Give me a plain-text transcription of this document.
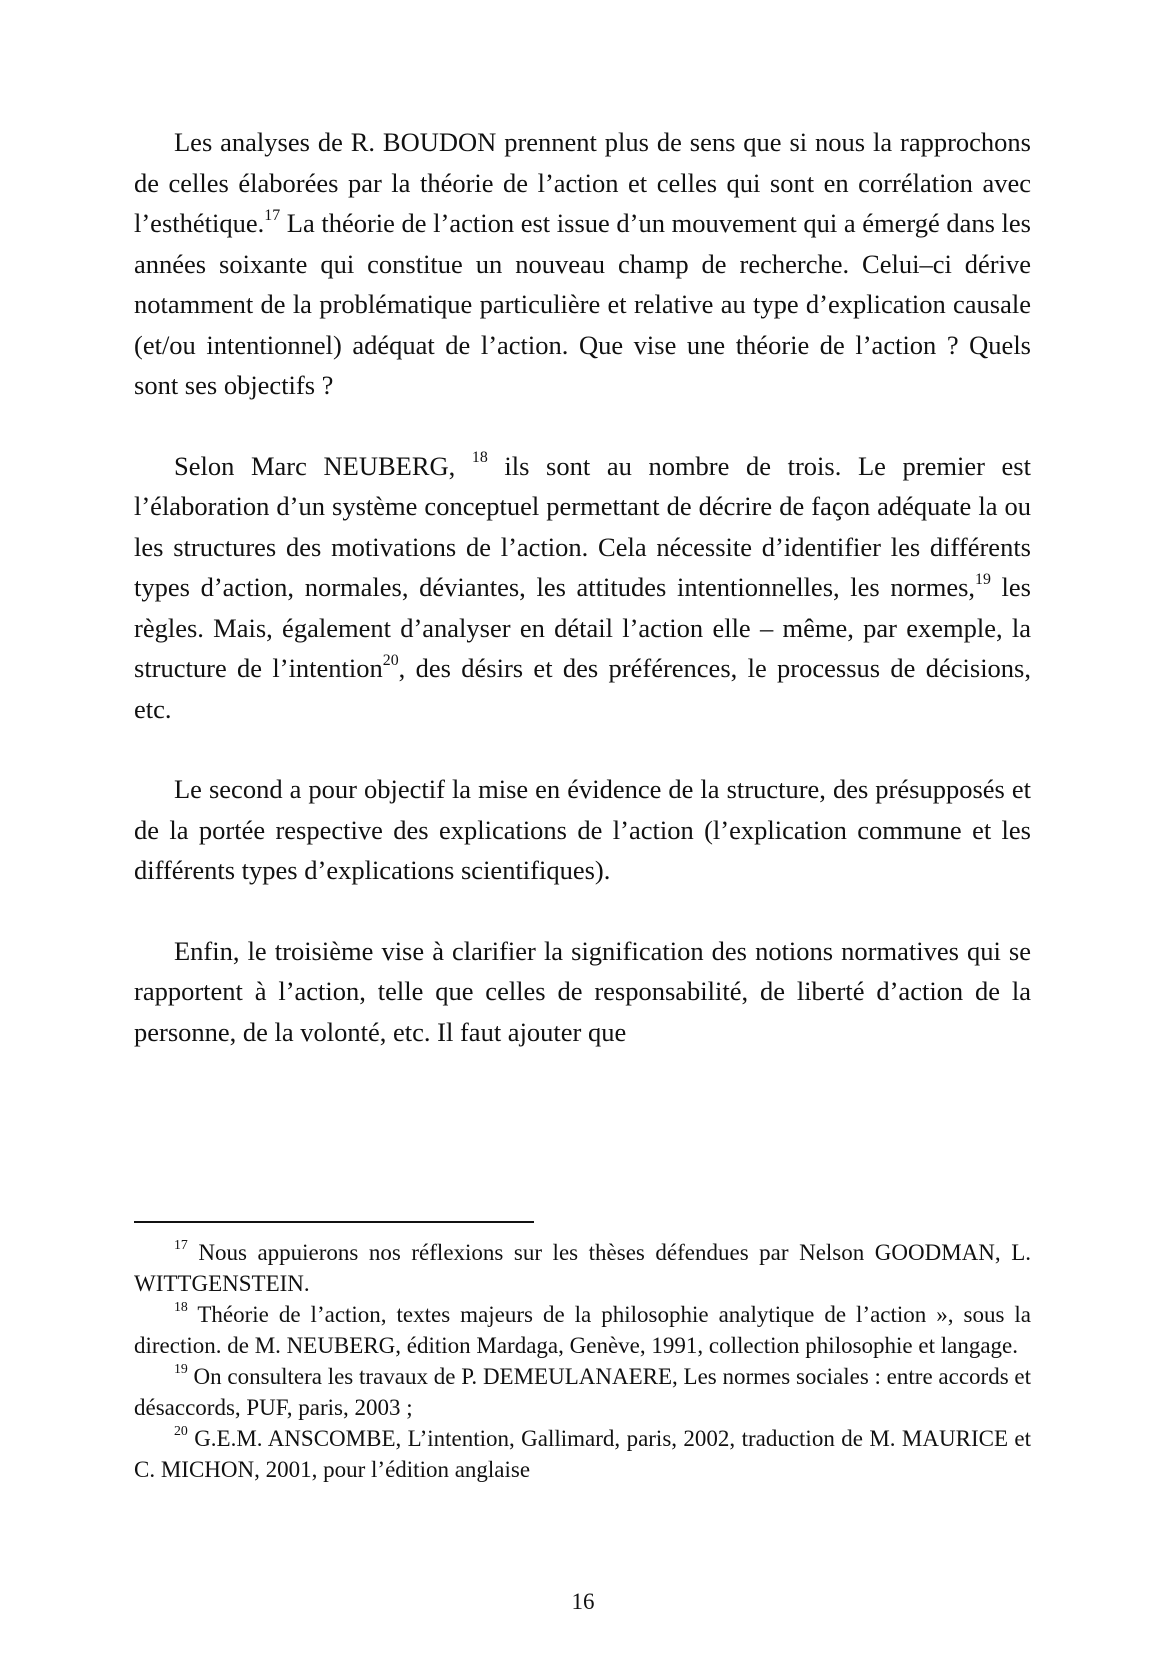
Les analyses de R. BOUDON prennent plus de sens que si nous la rapprochons de celles élaborées par la théorie de l’action et celles qui sont en corrélation avec l’esthétique.$^{17}$ La théorie de l’action est issue d’un mouvement qui a émergé dans les années soixante qui constitue un nouveau champ de recherche. Celui–ci dérive notamment de la problématique particulière et relative au type d’explication causale (et/ou intentionnel) adéquat de l’action. Que vise une théorie de l’action ? Quels sont ses objectifs ?

Selon Marc NEUBERG, $^{18}$ ils sont au nombre de trois. Le premier est l’élaboration d’un système conceptuel permettant de décrire de façon adéquate la ou les structures des motivations de l’action. Cela nécessite d’identifier les différents types d’action, normales, déviantes, les attitudes intentionnelles, les normes,$^{19}$ les règles. Mais, également d’analyser en détail l’action elle – même, par exemple, la structure de l’intention$^{20}$, des désirs et des préférences, le processus de décisions, etc.

Le second a pour objectif la mise en évidence de la structure, des présupposés et de la portée respective des explications de l’action (l’explication commune et les différents types d’explications scientifiques).

Enfin, le troisième vise à clarifier la signification des notions normatives qui se rapportent à l’action, telle que celles de responsabilité, de liberté d’action de la personne, de la volonté, etc. Il faut ajouter que

$^{17}$ Nous appuierons nos réflexions sur les thèses défendues par Nelson GOODMAN, L. WITTGENSTEIN.

$^{18}$ Théorie de l’action, textes majeurs de la philosophie analytique de l’action », sous la direction. de M. NEUBERG, édition Mardaga, Genève, 1991, collection philosophie et langage.

$^{19}$ On consultera les travaux de P. DEMEULANAERE, Les normes sociales : entre accords et désaccords, PUF, paris, 2003 ;

$^{20}$ G.E.M. ANSCOMBE, L’intention, Gallimard, paris, 2002, traduction de M. MAURICE et C. MICHON, 2001, pour l’édition anglaise

16
